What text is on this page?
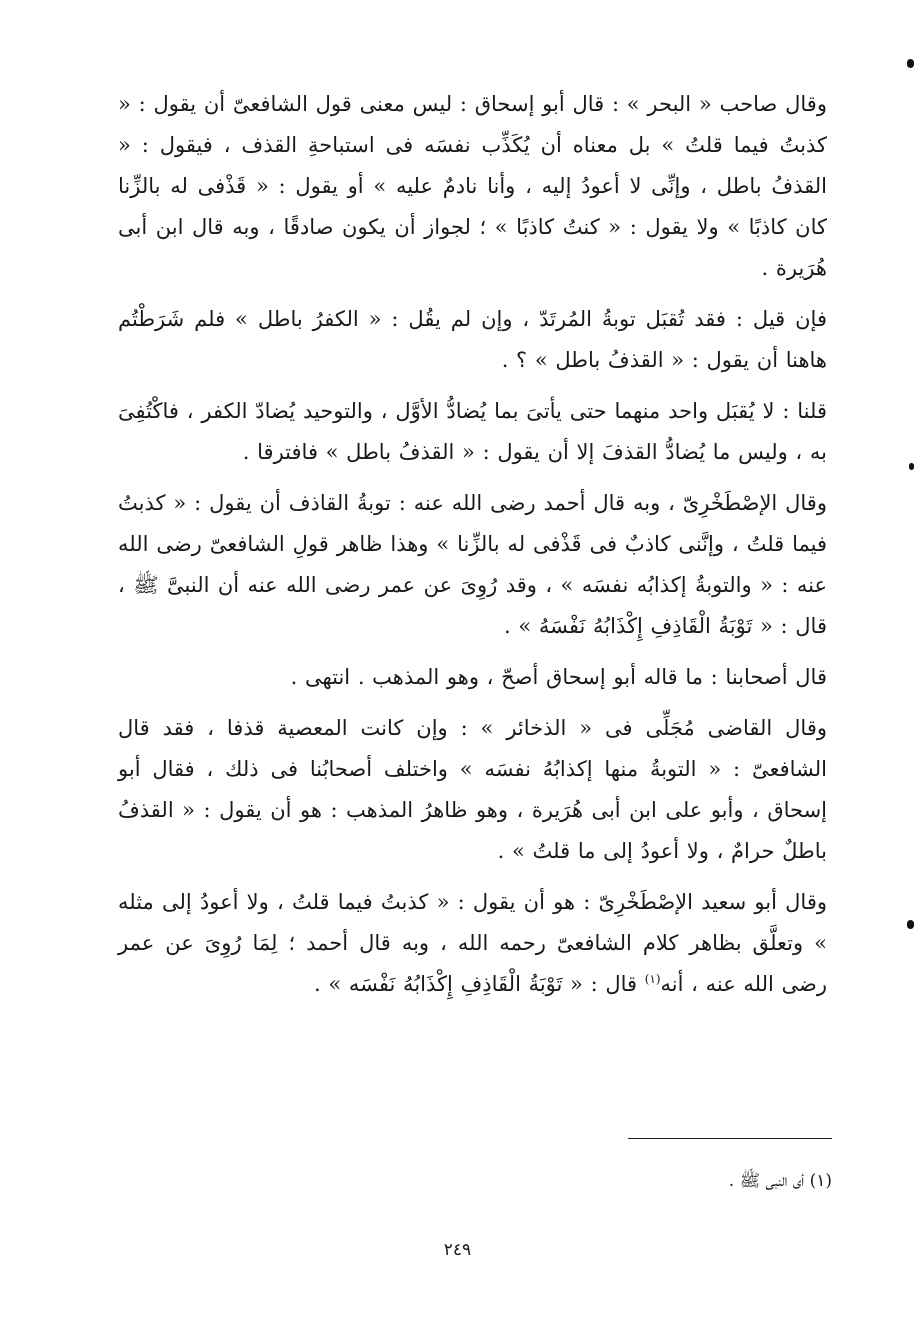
وقال صاحب « البحر » : قال أبو إسحاق : ليس معنى قول الشافعىّ أن يقول : « كذبتُ فيما قلتُ » بل معناه أن يُكَذِّب نفسَه فى استباحةِ القذف ، فيقول : « القذفُ باطل ، وإنِّى لا أعودُ إليه ، وأنا نادمٌ عليه » أو يقول : « قَذْفى له بالزِّنا كان كاذبًا » ولا يقول : « كنتُ كاذبًا » ؛ لجواز أن يكون صادقًا ، وبه قال ابن أبى هُرَيرة .

فإن قيل : فقد تُقبَل توبةُ المُرتَدّ ، وإن لم يقُل : « الكفرُ باطل » فلم شَرَطْتُم هاهنا أن يقول : « القذفُ باطل » ؟ .

قلنا : لا يُقبَل واحد منهما حتى يأتىَ بما يُضادُّ الأوَّل ، والتوحيد يُضادّ الكفر ، فاكْتُفِىَ به ، وليس ما يُضادُّ القذفَ إلا أن يقول : « القذفُ باطل » فافترقا .

وقال الإصْطَخْرِىّ ، وبه قال أحمد رضى الله عنه : توبةُ القاذف أن يقول : « كذبتُ فيما قلتُ ، وإنَّنى كاذبٌ فى قَذْفى له بالزِّنا » وهذا ظاهر قولِ الشافعىّ رضى الله عنه : « والتوبةُ إكذابُه نفسَه » ، وقد رُوِىَ عن عمر رضى الله عنه أن النبىَّ ﷺ ، قال : « تَوْبَةُ الْقَاذِفِ إِكْذَابُهُ نَفْسَهُ » .

قال أصحابنا : ما قاله أبو إسحاق أصحّ ، وهو المذهب . انتهى .

وقال القاضى مُجَلِّى فى « الذخائر » : وإن كانت المعصية قذفا ، فقد قال الشافعىّ : « التوبةُ منها إكذابُهُ نفسَه » واختلف أصحابُنا فى ذلك ، فقال أبو إسحاق ، وأبو على ابن أبى هُرَيرة ، وهو ظاهرُ المذهب : هو أن يقول : « القذفُ باطلٌ حرامٌ ، ولا أعودُ إلى ما قلتُ » .

وقال أبو سعيد الإصْطَخْرِىّ : هو أن يقول : « كذبتُ فيما قلتُ ، ولا أعودُ إلى مثله » وتعلَّق بظاهر كلام الشافعىّ رحمه الله ، وبه قال أحمد ؛ لِمَا رُوِىَ عن عمر رضى الله عنه ، أنه$^{(١)}$ قال : « تَوْبَةُ الْقَاذِفِ إِكْذَابُهُ نَفْسَه » .

(١) أى النبى ﷺ .
٢٤٩
